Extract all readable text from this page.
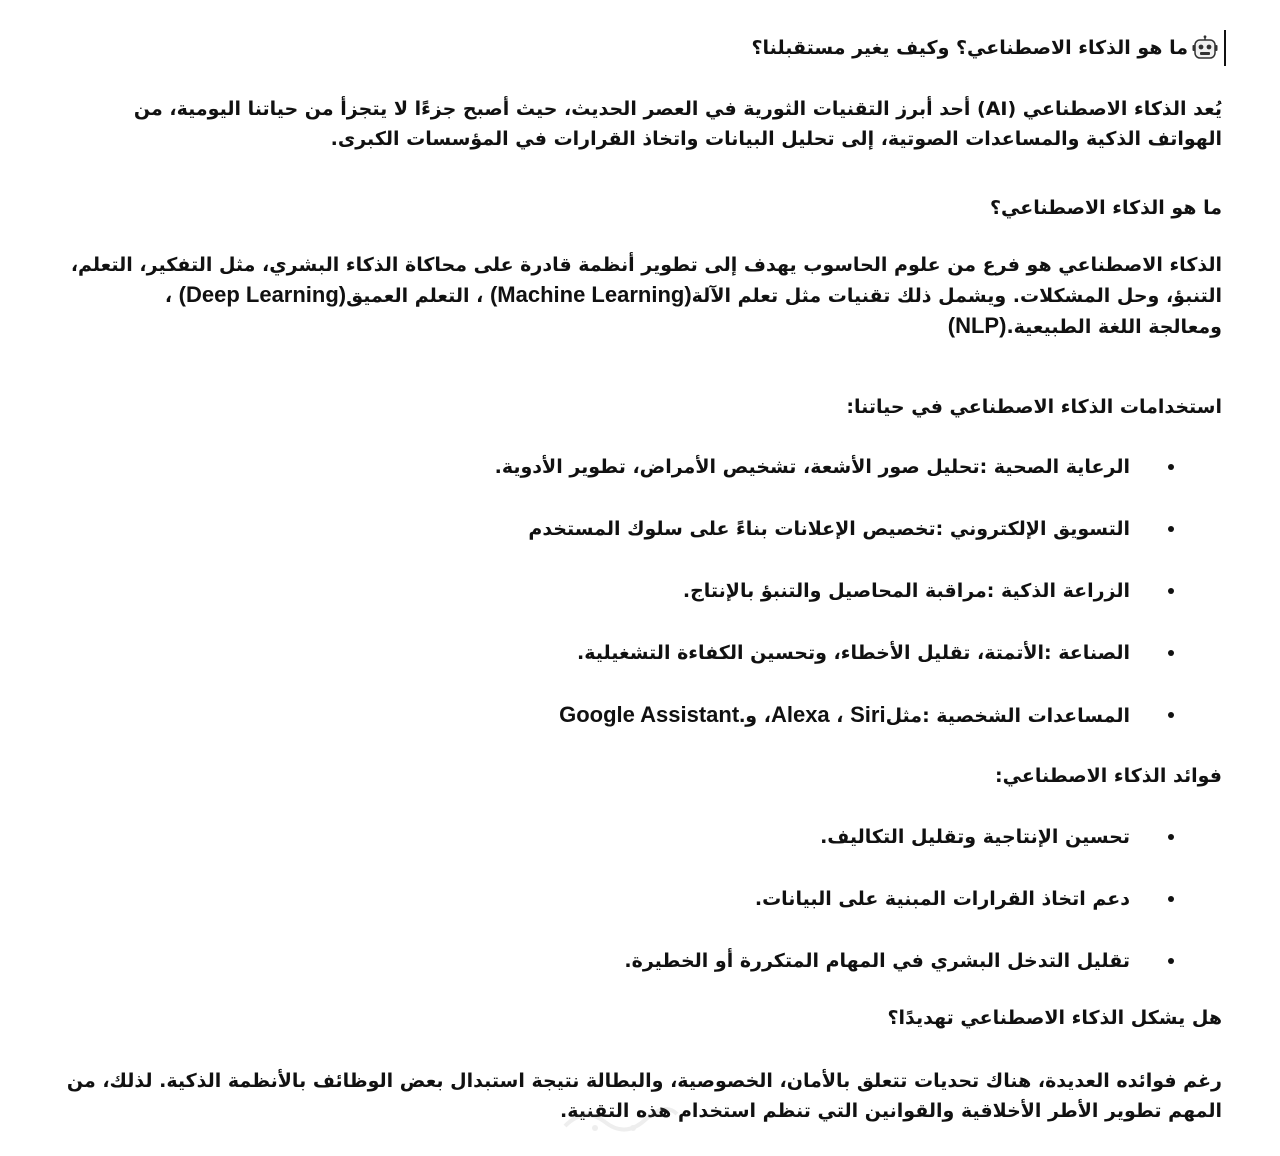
ما هو الذكاء الاصطناعي؟ وكيف يغير مستقبلنا؟
يُعد الذكاء الاصطناعي (AI) أحد أبرز التقنيات الثورية في العصر الحديث، حيث أصبح جزءًا لا يتجزأ من حياتنا اليومية، من
الهواتف الذكية والمساعدات الصوتية، إلى تحليل البيانات واتخاذ القرارات في المؤسسات الكبرى.
ما هو الذكاء الاصطناعي؟
الذكاء الاصطناعي هو فرع من علوم الحاسوب يهدف إلى تطوير أنظمة قادرة على محاكاة الذكاء البشري، مثل التفكير، التعلم،
التنبؤ، وحل المشكلات. ويشمل ذلك تقنيات مثل تعلم الآلة(Machine Learning) ، التعلم العميق(Deep Learning) ،
ومعالجة اللغة الطبيعية.(NLP)
استخدامات الذكاء الاصطناعي في حياتنا:
الرعاية الصحية :تحليل صور الأشعة، تشخيص الأمراض، تطوير الأدوية.
التسويق الإلكتروني :تخصيص الإعلانات بناءً على سلوك المستخدم
الزراعة الذكية :مراقبة المحاصيل والتنبؤ بالإنتاج.
الصناعة :الأتمتة، تقليل الأخطاء، وتحسين الكفاءة التشغيلية.
المساعدات الشخصية :مثلSiri ، Alexa، وGoogle Assistant.
فوائد الذكاء الاصطناعي:
تحسين الإنتاجية وتقليل التكاليف.
دعم اتخاذ القرارات المبنية على البيانات.
تقليل التدخل البشري في المهام المتكررة أو الخطيرة.
هل يشكل الذكاء الاصطناعي تهديدًا؟
رغم فوائده العديدة، هناك تحديات تتعلق بالأمان، الخصوصية، والبطالة نتيجة استبدال بعض الوظائف بالأنظمة الذكية. لذلك، من
المهم تطوير الأطر الأخلاقية والقوانين التي تنظم استخدام هذه التقنية.
